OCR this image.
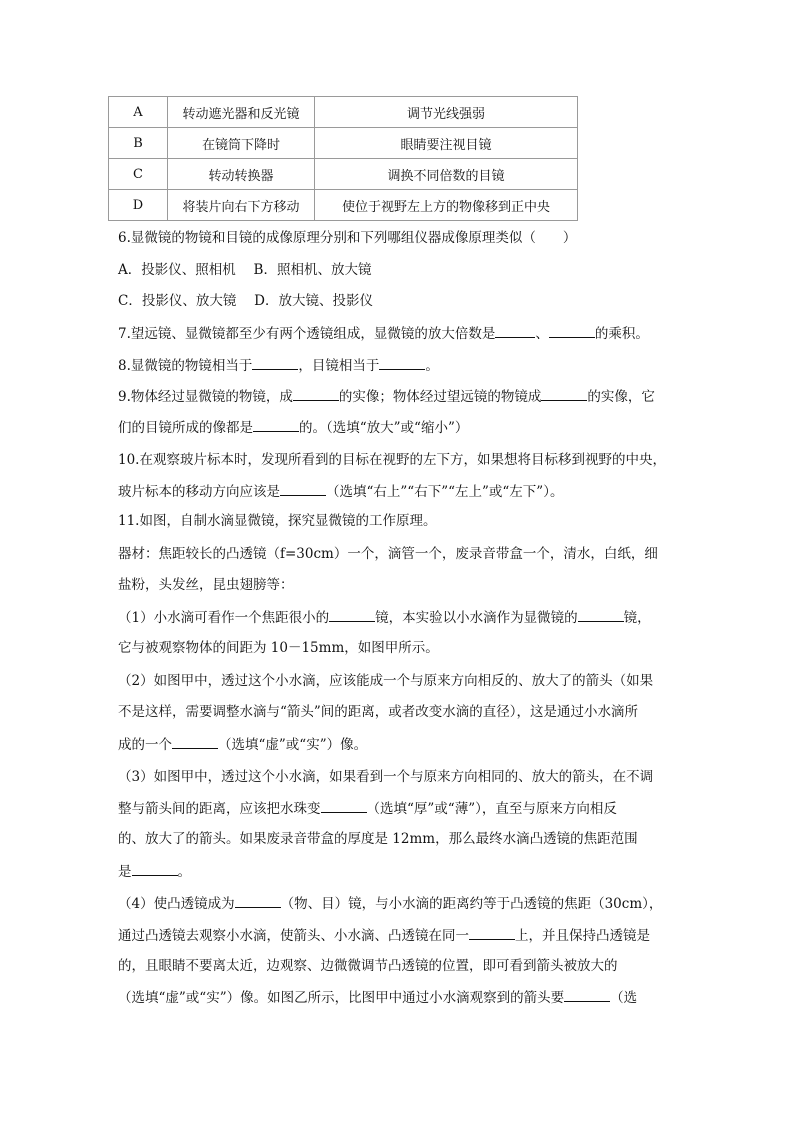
A	转动遮光器和反光镜	调节光线强弱
B	在镜筒下降时	眼睛要注视目镜
C	转动转换器	调换不同倍数的目镜
D	将装片向右下方移动	使位于视野左上方的物像移到正中央
6.显微镜的物镜和目镜的成像原理分别和下列哪组仪器成像原理类似（　　）
A．投影仪、照相机　 B．照相机、放大镜
C．投影仪、放大镜　 D．放大镜、投影仪
7.望远镜、显微镜都至少有两个透镜组成，显微镜的放大倍数是	、	的乘积。
8.显微镜的物镜相当于	，目镜相当于	。
9.物体经过显微镜的物镜，成	的实像；物体经过望远镜的物镜成	的实像，它
们的目镜所成的像都是	的。（选填“放大”或“缩小”）
10.在观察玻片标本时，发现所看到的目标在视野的左下方，如果想将目标移到视野的中央，
玻片标本的移动方向应该是	（选填“右上”“右下”“左上”或“左下”）。
11.如图，自制水滴显微镜，探究显微镜的工作原理。
器材：焦距较长的凸透镜（f=30cm）一个，滴管一个，废录音带盒一个，清水，白纸，细
盐粉，头发丝，昆虫翅膀等：
（1）小水滴可看作一个焦距很小的	镜，本实验以小水滴作为显微镜的	镜，
它与被观察物体的间距为 10－15mm，如图甲所示。
（2）如图甲中，透过这个小水滴，应该能成一个与原来方向相反的、放大了的箭头（如果
不是这样，需要调整水滴与“箭头”间的距离，或者改变水滴的直径），这是通过小水滴所
成的一个	（选填“虚”或“实”）像。
（3）如图甲中，透过这个小水滴，如果看到一个与原来方向相同的、放大的箭头，在不调
整与箭头间的距离，应该把水珠变	（选填“厚”或“薄”），直至与原来方向相反
的、放大了的箭头。如果废录音带盒的厚度是 12mm，那么最终水滴凸透镜的焦距范围
是	。
（4）使凸透镜成为	（物、目）镜，与小水滴的距离约等于凸透镜的焦距（30cm），
通过凸透镜去观察小水滴，使箭头、小水滴、凸透镜在同一	上，并且保持凸透镜是
的，且眼睛不要离太近，边观察、边微微调节凸透镜的位置，即可看到箭头被放大的
（选填“虚”或“实”）像。如图乙所示，比图甲中通过小水滴观察到的箭头要	（选
